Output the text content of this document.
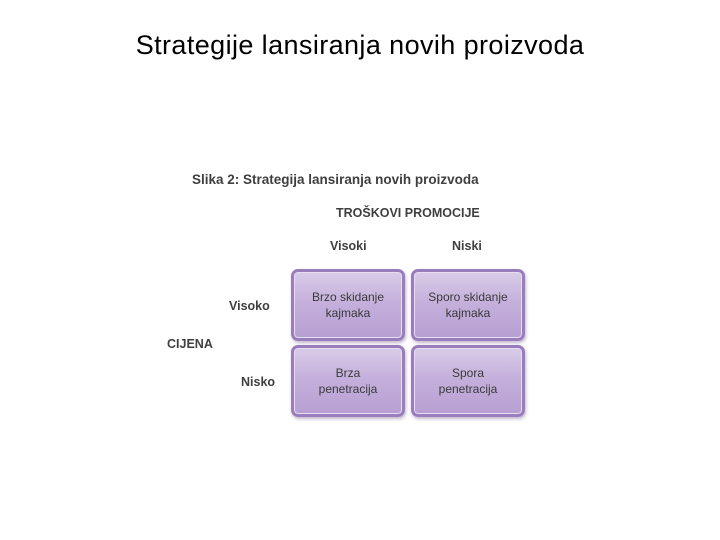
Strategije lansiranja novih proizvoda
Slika 2: Strategija lansiranja novih proizvoda
TROŠKOVI PROMOCIJE
Visoki	Niski
CIJENA
Visoko
Nisko
Brzo skidanje
kajmaka
Sporo skidanje
kajmaka
Brza
penetracija
Spora
penetracija
